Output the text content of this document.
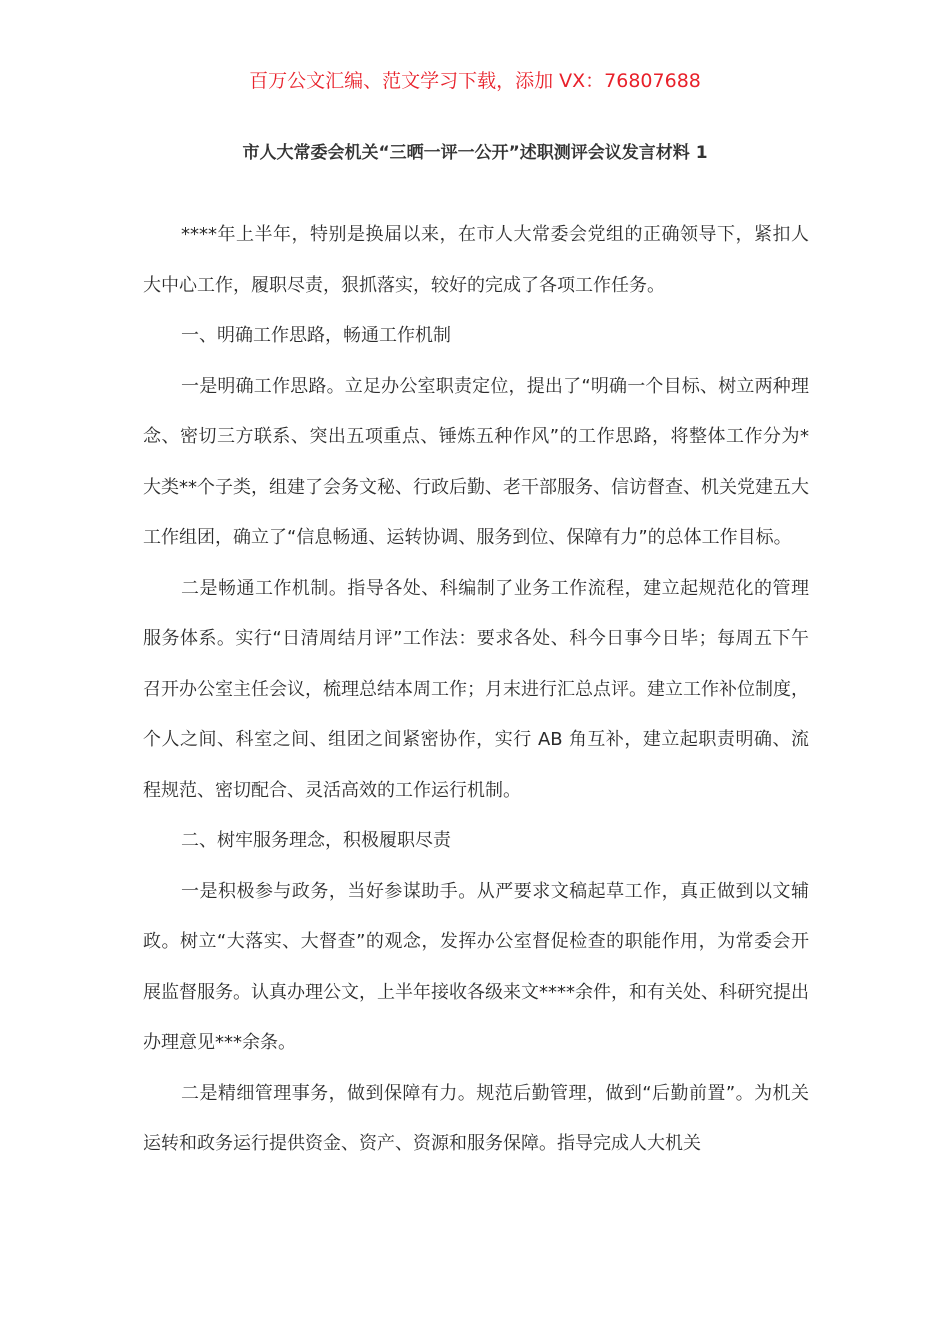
百万公文汇编、范文学习下载，添加 VX：76807688
市人大常委会机关“三晒一评一公开”述职测评会议发言材料 1

****年上半年，特别是换届以来，在市人大常委会党组的正确领导下，紧扣人大中心工作，履职尽责，狠抓落实，较好的完成了各项工作任务。

一、明确工作思路，畅通工作机制

一是明确工作思路。立足办公室职责定位，提出了“明确一个目标、树立两种理念、密切三方联系、突出五项重点、锤炼五种作风”的工作思路，将整体工作分为*大类**个子类，组建了会务文秘、行政后勤、老干部服务、信访督查、机关党建五大工作组团，确立了“信息畅通、运转协调、服务到位、保障有力”的总体工作目标。

二是畅通工作机制。指导各处、科编制了业务工作流程，建立起规范化的管理服务体系。实行“日清周结月评”工作法：要求各处、科今日事今日毕；每周五下午召开办公室主任会议，梳理总结本周工作；月末进行汇总点评。建立工作补位制度，个人之间、科室之间、组团之间紧密协作，实行 AB 角互补，建立起职责明确、流程规范、密切配合、灵活高效的工作运行机制。

二、树牢服务理念，积极履职尽责

一是积极参与政务，当好参谋助手。从严要求文稿起草工作，真正做到以文辅政。树立“大落实、大督查”的观念，发挥办公室督促检查的职能作用，为常委会开展监督服务。认真办理公文，上半年接收各级来文****余件，和有关处、科研究提出办理意见***余条。

二是精细管理事务，做到保障有力。规范后勤管理，做到“后勤前置”。为机关运转和政务运行提供资金、资产、资源和服务保障。指导完成人大机关
